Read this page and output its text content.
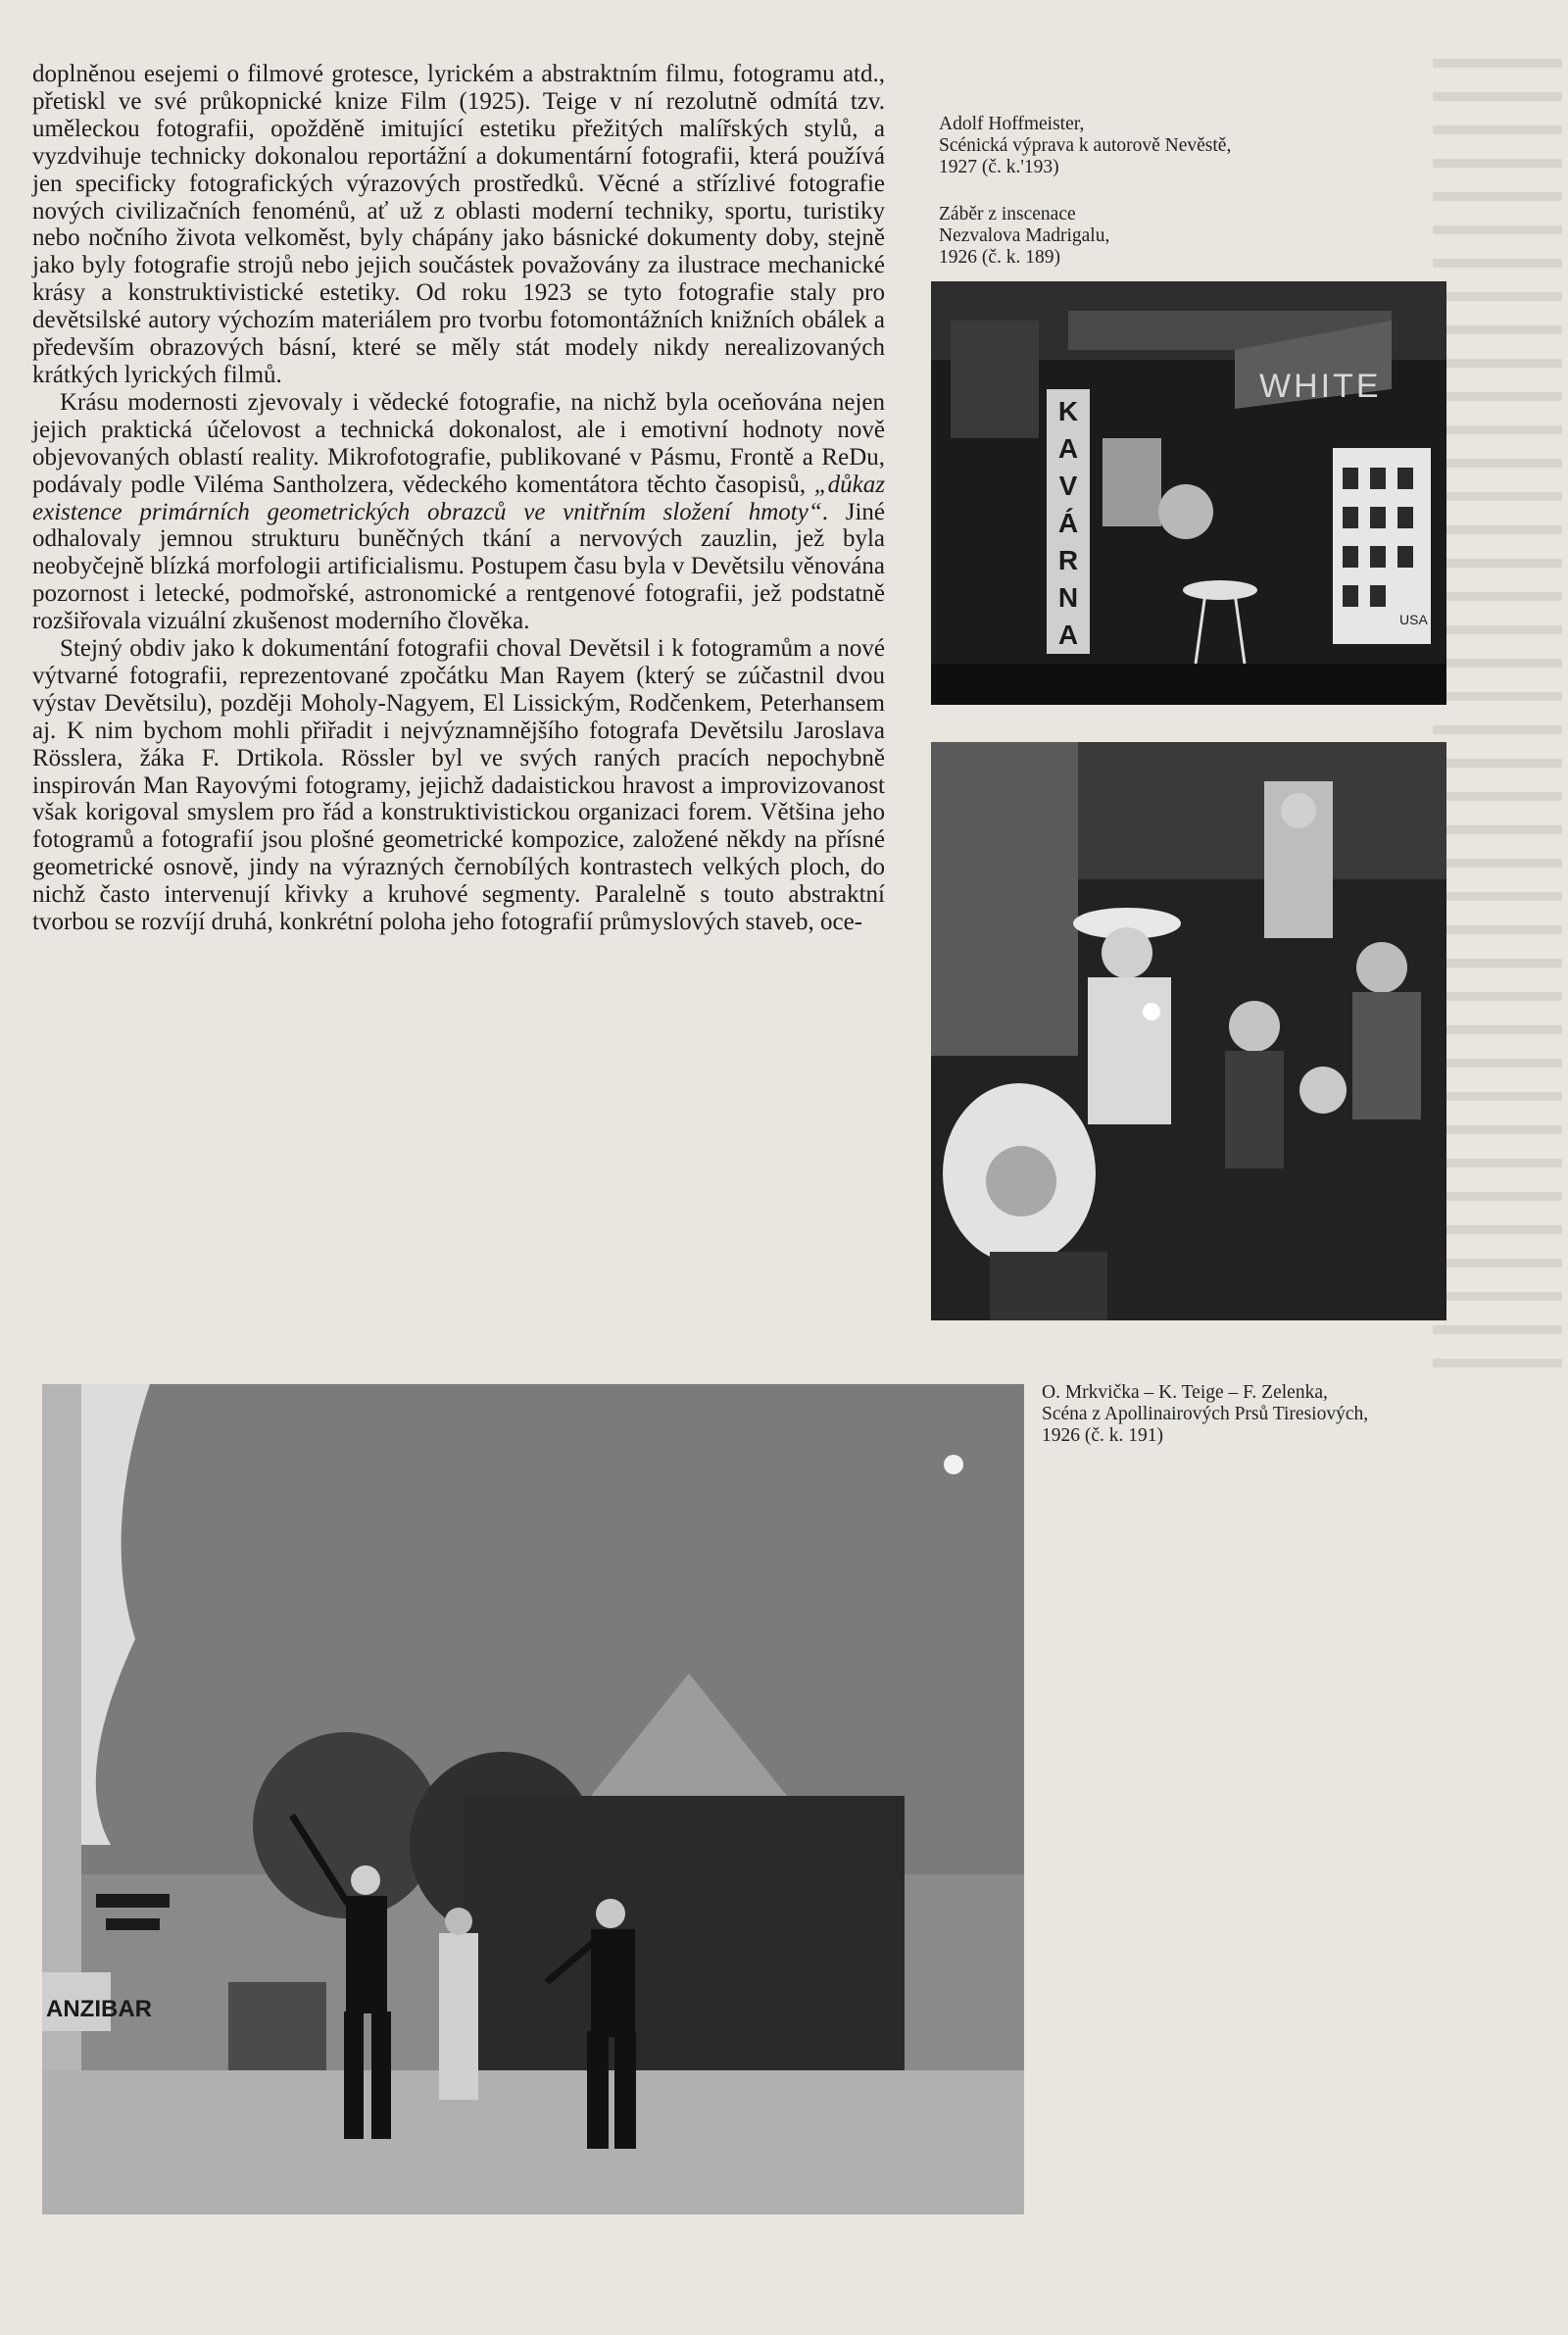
doplněnou esejemi o filmové grotesce, lyrickém a abstraktním filmu, fotogramu atd., přetiskl ve své průkopnické knize Film (1925). Teige v ní rezolutně odmítá tzv. uměleckou fotografii, opožděně imitující estetiku přežitých malířských stylů, a vyzdvihuje technicky dokonalou reportážní a dokumentární fotografii, která používá jen specificky fotografických výrazových prostředků. Věcné a střízlivé fotografie nových civilizačních fenoménů, ať už z oblasti moderní techniky, sportu, turistiky nebo nočního života velkoměst, byly chápány jako básnické dokumenty doby, stejně jako byly fotografie strojů nebo jejich součástek považovány za ilustrace mechanické krásy a konstruktivistické estetiky. Od roku 1923 se tyto fotografie staly pro devětsilské autory výchozím materiálem pro tvorbu fotomontážních knižních obálek a především obrazových básní, které se měly stát modely nikdy nerealizovaných krátkých lyrických filmů.

Krásu modernosti zjevovaly i vědecké fotografie, na nichž byla oceňována nejen jejich praktická účelovost a technická dokonalost, ale i emotivní hodnoty nově objevovaných oblastí reality. Mikrofotografie, publikované v Pásmu, Frontě a ReDu, podávaly podle Viléma Santholzera, vědeckého komentátora těchto časopisů, „důkaz existence primárních geometrických obrazců ve vnitřním složení hmoty“. Jiné odhalovaly jemnou strukturu buněčných tkání a nervových zauzlin, jež byla neobyčejně blízká morfologii artificialismu. Postupem času byla v Devětsilu věnována pozornost i letecké, podmořské, astronomické a rentgenové fotografii, jež podstatně rozšiřovala vizuální zkušenost moderního člověka.

Stejný obdiv jako k dokumentání fotografii choval Devětsil i k fotogramům a nové výtvarné fotografii, reprezentované zpočátku Man Rayem (který se zúčastnil dvou výstav Devětsilu), později Moholy-Nagyem, El Lissickým, Rodčenkem, Peterhansem aj. K nim bychom mohli přiřadit i nejvýznamnějšího fotografa Devětsilu Jaroslava Rösslera, žáka F. Drtikola. Rössler byl ve svých raných pracích nepochybně inspirován Man Rayovými fotogramy, jejichž dadaistickou hravost a improvizovanost však korigoval smyslem pro řád a konstruktivistickou organizaci forem. Většina jeho fotogramů a fotografií jsou plošné geometrické kompozice, založené někdy na přísné geometrické osnově, jindy na výrazných černobílých kontrastech velkých ploch, do nichž často intervenují křivky a kruhové segmenty. Paralelně s touto abstraktní tvorbou se rozvíjí druhá, konkrétní poloha jeho fotografií průmyslových staveb, oce-

Adolf Hoffmeister,
Scénická výprava k autorově Nevěstě,
1927 (č. k.'193)
Záběr z inscenace
Nezvalova Madrigalu,
1926 (č. k. 189)
WHITE
K
A
V
Á
R
N
A	USA
O. Mrkvička – K. Teige – F. Zelenka,
Scéna z Apollinairových Prsů Tiresiových,
1926 (č. k. 191)
ANZIBAR
